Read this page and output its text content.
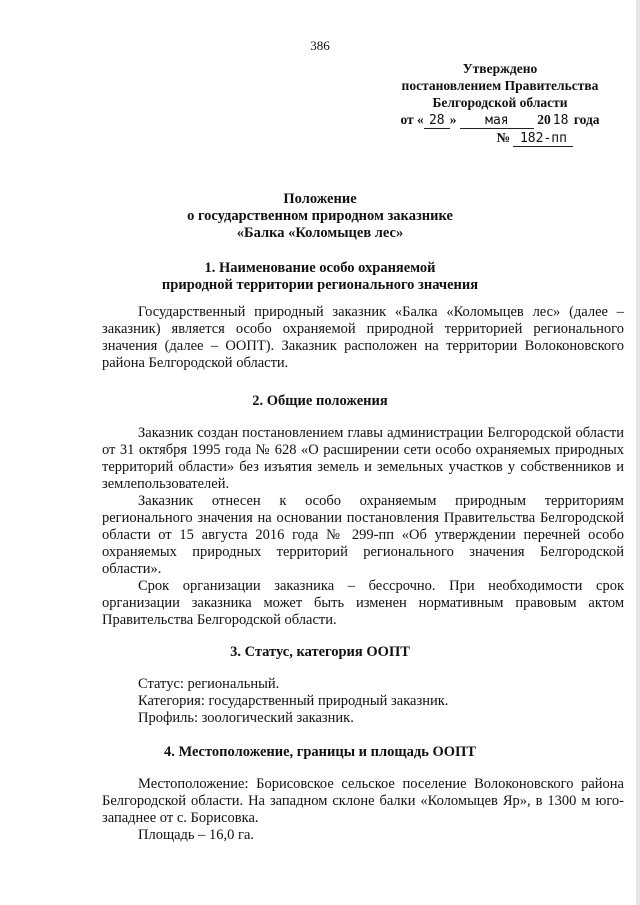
386
Утверждено
постановлением Правительства
Белгородской области
от « 28 » мая 20 18 года
№ 182-пп
Положение
о государственном природном заказнике
«Балка «Коломыцев лес»
1. Наименование особо охраняемой
природной территории регионального значения

Государственный природный заказник «Балка «Коломыцев лес» (далее – заказник) является особо охраняемой природной территорией регионального значения (далее – ООПТ). Заказник расположен на территории Волоконовского района Белгородской области.

2. Общие положения

Заказник создан постановлением главы администрации Белгородской области от 31 октября 1995 года № 628 «О расширении сети особо охраняемых природных территорий области» без изъятия земель и земельных участков у собственников и землепользователей.

Заказник отнесен к особо охраняемым природным территориям регионального значения на основании постановления Правительства Белгородской области от 15 августа 2016 года № 299-пп «Об утверждении перечней особо охраняемых природных территорий регионального значения Белгородской области».

Срок организации заказника – бессрочно. При необходимости срок организации заказника может быть изменен нормативным правовым актом Правительства Белгородской области.

3. Статус, категория ООПТ

Статус: региональный.

Категория: государственный природный заказник.

Профиль: зоологический заказник.

4. Местоположение, границы и площадь ООПТ

Местоположение: Борисовское сельское поселение Волоконовского района Белгородской области. На западном склоне балки «Коломыцев Яр», в 1300 м юго-западнее от с. Борисовка.

Площадь – 16,0 га.
